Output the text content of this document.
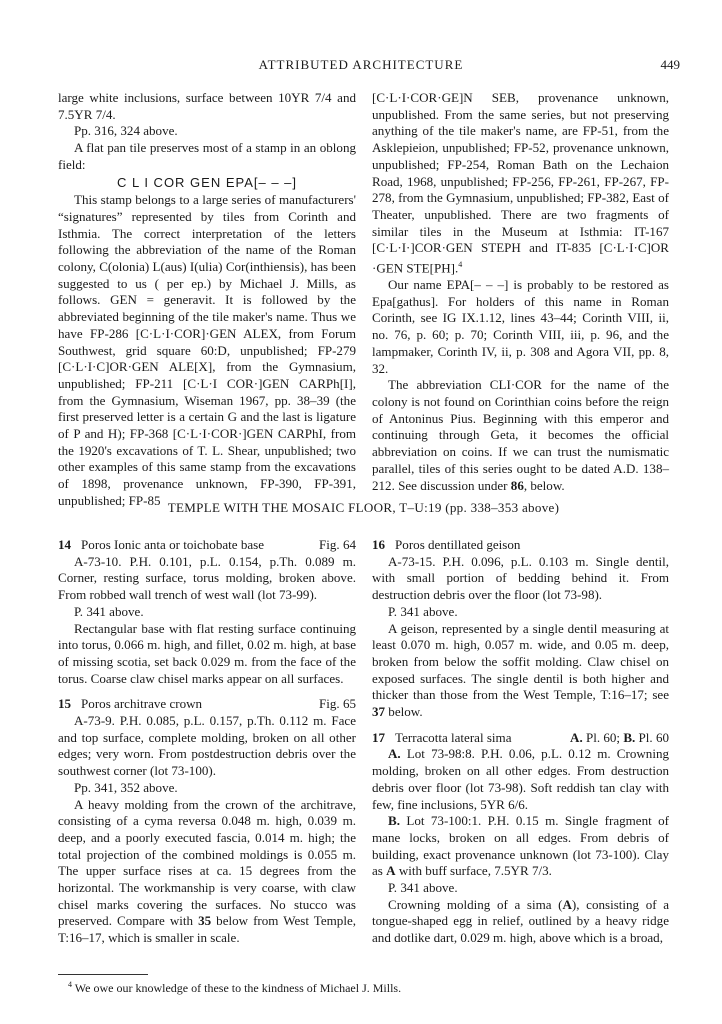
ATTRIBUTED ARCHITECTURE	449

large white inclusions, surface between 10YR 7/4 and 7.5YR 7/4.

Pp. 316, 324 above.

A flat pan tile preserves most of a stamp in an oblong field:

C L I COR GEN EPA[– – –]

This stamp belongs to a large series of manufacturers' “signatures” represented by tiles from Corinth and Isthmia. The correct interpretation of the letters following the abbreviation of the name of the Roman colony, C(olonia) L(aus) I(ulia) Cor(inthiensis), has been suggested to us ( per ep.) by Michael J. Mills, as follows. GEN = generavit. It is followed by the abbreviated beginning of the tile maker's name. Thus we have FP-286 [C·L·I·COR]·GEN ALEX, from Forum Southwest, grid square 60:D, unpublished; FP-279 [C·L·I·C]OR·GEN ALE[X], from the Gymnasium, unpublished; FP-211 [C·L·I COR·]GEN CARPh[I], from the Gymnasium, Wiseman 1967, pp. 38–39 (the first preserved letter is a certain G and the last is ligature of P and H); FP-368 [C·L·I·COR·]GEN CARPhI, from the 1920's excavations of T. L. Shear, unpublished; two other examples of this same stamp from the excavations of 1898, provenance unknown, FP-390, FP-391, unpublished; FP-85

[C·L·I·COR·GE]N SEB, provenance unknown, unpublished. From the same series, but not preserving anything of the tile maker's name, are FP-51, from the Asklepieion, unpublished; FP-52, provenance unknown, unpublished; FP-254, Roman Bath on the Lechaion Road, 1968, unpublished; FP-256, FP-261, FP-267, FP-278, from the Gymnasium, unpublished; FP-382, East of Theater, unpublished. There are two fragments of similar tiles in the Museum at Isthmia: IT-167 [C·L·I·]COR·GEN STEPH and IT-835 [C·L·I·C]OR ·GEN STE[PH].$^4$

Our name EPA[– – –] is probably to be restored as Epa[gathus]. For holders of this name in Roman Corinth, see IG IX.1.12, lines 43–44; Corinth VIII, ii, no. 76, p. 60; p. 70; Corinth VIII, iii, p. 96, and the lampmaker, Corinth IV, ii, p. 308 and Agora VII, pp. 8, 32.

The abbreviation CLI·COR for the name of the colony is not found on Corinthian coins before the reign of Antoninus Pius. Beginning with this emperor and continuing through Geta, it becomes the official abbreviation on coins. If we can trust the numismatic parallel, tiles of this series ought to be dated A.D. 138–212. See discussion under 86, below.

TEMPLE WITH THE MOSAIC FLOOR, T–U:19 (pp. 338–353 above)

14 Poros Ionic anta or toichobate base	Fig. 64

A-73-10. P.H. 0.101, p.L. 0.154, p.Th. 0.089 m. Corner, resting surface, torus molding, broken above. From robbed wall trench of west wall (lot 73-99).

P. 341 above.

Rectangular base with flat resting surface continuing into torus, 0.066 m. high, and fillet, 0.02 m. high, at base of missing scotia, set back 0.029 m. from the face of the torus. Coarse claw chisel marks appear on all surfaces.

15 Poros architrave crown	Fig. 65

A-73-9. P.H. 0.085, p.L. 0.157, p.Th. 0.112 m. Face and top surface, complete molding, broken on all other edges; very worn. From postdestruction debris over the southwest corner (lot 73-100).

Pp. 341, 352 above.

A heavy molding from the crown of the architrave, consisting of a cyma reversa 0.048 m. high, 0.039 m. deep, and a poorly executed fascia, 0.014 m. high; the total projection of the combined moldings is 0.055 m. The upper surface rises at ca. 15 degrees from the horizontal. The workmanship is very coarse, with claw chisel marks covering the surfaces. No stucco was preserved. Compare with 35 below from West Temple, T:16–17, which is smaller in scale.

16 Poros dentillated geison

A-73-15. P.H. 0.096, p.L. 0.103 m. Single dentil, with small portion of bedding behind it. From destruction debris over the floor (lot 73-98).

P. 341 above.

A geison, represented by a single dentil measuring at least 0.070 m. high, 0.057 m. wide, and 0.05 m. deep, broken from below the soffit molding. Claw chisel on exposed surfaces. The single dentil is both higher and thicker than those from the West Temple, T:16–17; see 37 below.

17 Terracotta lateral sima	A. Pl. 60; B. Pl. 60

A. Lot 73-98:8. P.H. 0.06, p.L. 0.12 m. Crowning molding, broken on all other edges. From destruction debris over floor (lot 73-98). Soft reddish tan clay with few, fine inclusions, 5YR 6/6.

B. Lot 73-100:1. P.H. 0.15 m. Single fragment of mane locks, broken on all edges. From debris of building, exact provenance unknown (lot 73-100). Clay as A with buff surface, 7.5YR 7/3.

P. 341 above.

Crowning molding of a sima (A), consisting of a tongue-shaped egg in relief, outlined by a heavy ridge and dotlike dart, 0.029 m. high, above which is a broad,

$^4$ We owe our knowledge of these to the kindness of Michael J. Mills.
